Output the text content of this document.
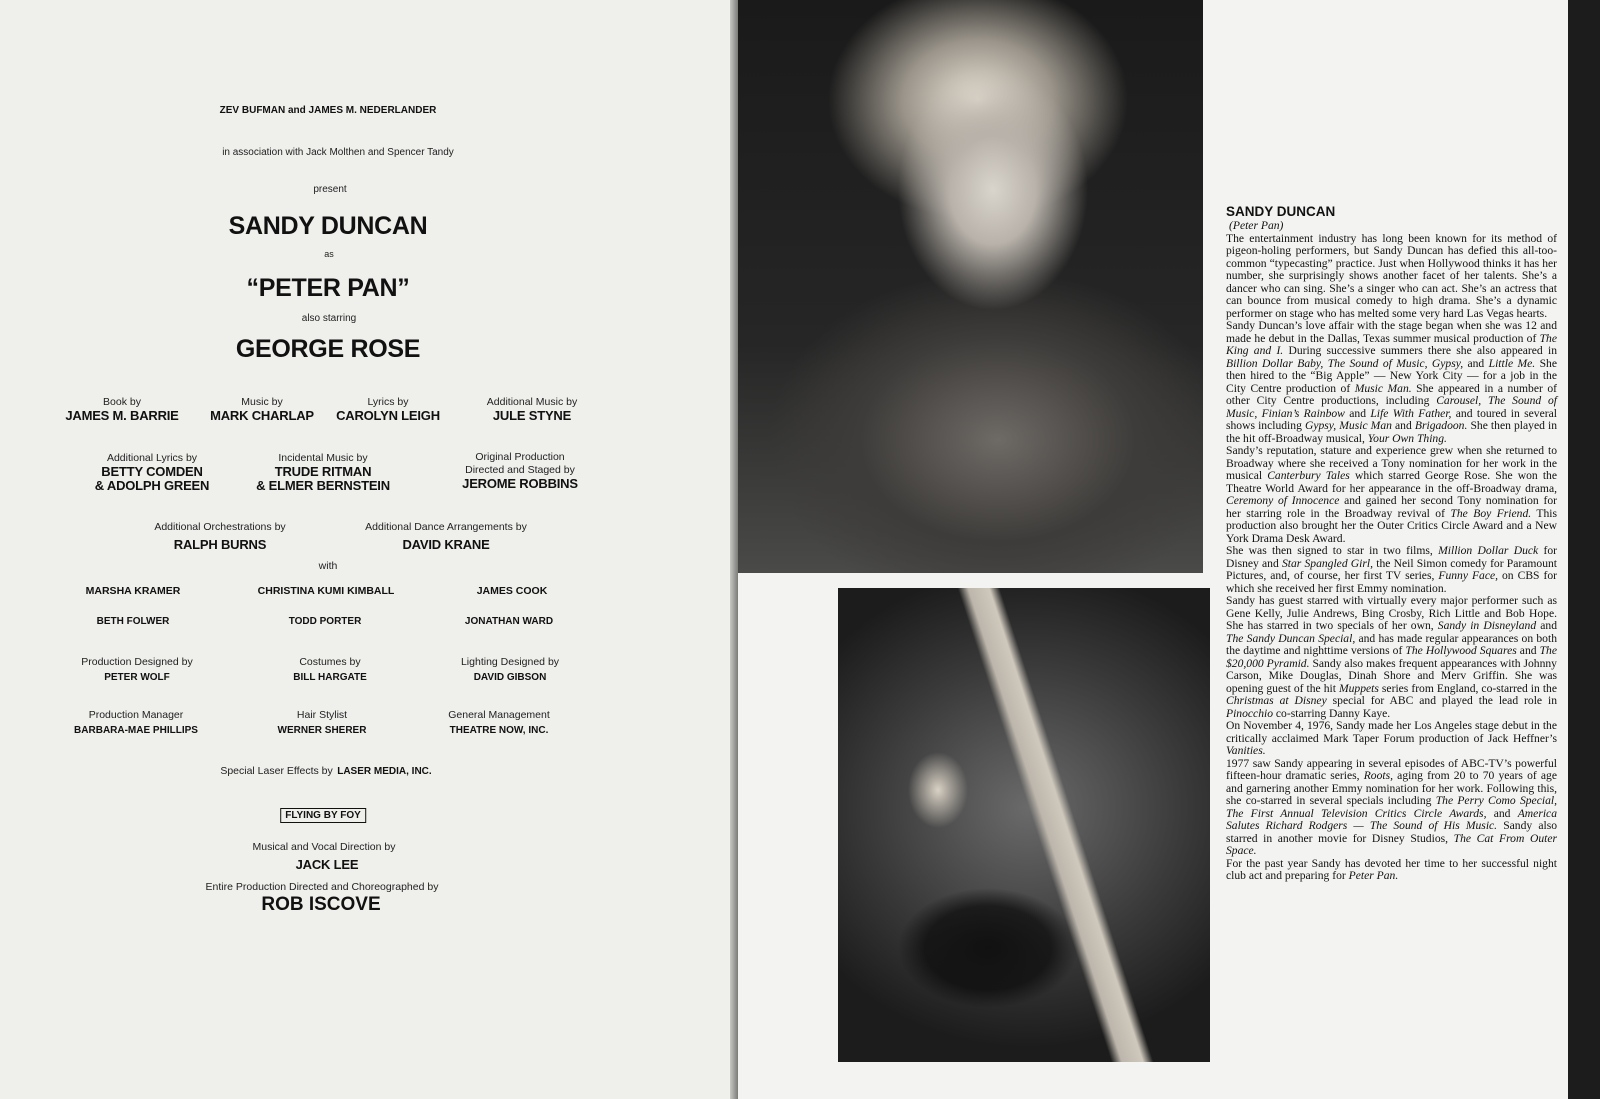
ZEV BUFMAN and JAMES M. NEDERLANDER
in association with Jack Molthen and Spencer Tandy
present
SANDY DUNCAN
as
“PETER PAN”
also starring
GEORGE ROSE
Book by
JAMES M. BARRIE
Music by
MARK CHARLAP
Lyrics by
CAROLYN LEIGH
Additional Music by
JULE STYNE
Additional Lyrics by
BETTY COMDEN
& ADOLPH GREEN
Incidental Music by
TRUDE RITMAN
& ELMER BERNSTEIN
Original Production
Directed and Staged by
JEROME ROBBINS
Additional Orchestrations by
RALPH BURNS
Additional Dance Arrangements by
DAVID KRANE
with
MARSHA KRAMER	CHRISTINA KUMI KIMBALL	JAMES COOK
BETH FOLWER	TODD PORTER	JONATHAN WARD
Production Designed by
PETER WOLF
Costumes by
BILL HARGATE
Lighting Designed by
DAVID GIBSON
Production Manager
BARBARA-MAE PHILLIPS
Hair Stylist
WERNER SHERER
General Management
THEATRE NOW, INC.
Special Laser Effects by LASER MEDIA, INC.
FLYING BY FOY
Musical and Vocal Direction by
JACK LEE
Entire Production Directed and Choreographed by
ROB ISCOVE
SANDY DUNCAN
(Peter Pan)

The entertainment industry has long been known for its method of pigeon-holing performers, but Sandy Duncan has defied this all-too-common “typecasting” practice. Just when Hollywood thinks it has her number, she surprisingly shows another facet of her talents. She’s a dancer who can sing. She’s a singer who can act. She’s an actress that can bounce from musical comedy to high drama. She’s a dynamic performer on stage who has melted some very hard Las Vegas hearts.

Sandy Duncan’s love affair with the stage began when she was 12 and made he debut in the Dallas, Texas summer musical production of The King and I. During successive summers there she also appeared in Billion Dollar Baby, The Sound of Music, Gypsy, and Little Me. She then hired to the “Big Apple” — New York City — for a job in the City Centre production of Music Man. She appeared in a number of other City Centre productions, including Carousel, The Sound of Music, Finian’s Rainbow and Life With Father, and toured in several shows including Gypsy, Music Man and Brigadoon. She then played in the hit off-Broadway musical, Your Own Thing.

Sandy’s reputation, stature and experience grew when she returned to Broadway where she received a Tony nomination for her work in the musical Canterbury Tales which starred George Rose. She won the Theatre World Award for her appearance in the off-Broadway drama, Ceremony of Innocence and gained her second Tony nomination for her starring role in the Broadway revival of The Boy Friend. This production also brought her the Outer Critics Circle Award and a New York Drama Desk Award.

She was then signed to star in two films, Million Dollar Duck for Disney and Star Spangled Girl, the Neil Simon comedy for Paramount Pictures, and, of course, her first TV series, Funny Face, on CBS for which she received her first Emmy nomination.

Sandy has guest starred with virtually every major performer such as Gene Kelly, Julie Andrews, Bing Crosby, Rich Little and Bob Hope. She has starred in two specials of her own, Sandy in Disneyland and The Sandy Duncan Special, and has made regular appearances on both the daytime and nighttime versions of The Hollywood Squares and The $20,000 Pyramid. Sandy also makes frequent appearances with Johnny Carson, Mike Douglas, Dinah Shore and Merv Griffin. She was opening guest of the hit Muppets series from England, co-starred in the Christmas at Disney special for ABC and played the lead role in Pinocchio co-starring Danny Kaye.

On November 4, 1976, Sandy made her Los Angeles stage debut in the critically acclaimed Mark Taper Forum production of Jack Heffner’s Vanities.

1977 saw Sandy appearing in several episodes of ABC-TV’s powerful fifteen-hour dramatic series, Roots, aging from 20 to 70 years of age and garnering another Emmy nomination for her work. Following this, she co-starred in several specials including The Perry Como Special, The First Annual Television Critics Circle Awards, and America Salutes Richard Rodgers — The Sound of His Music. Sandy also starred in another movie for Disney Studios, The Cat From Outer Space.

For the past year Sandy has devoted her time to her successful night club act and preparing for Peter Pan.
